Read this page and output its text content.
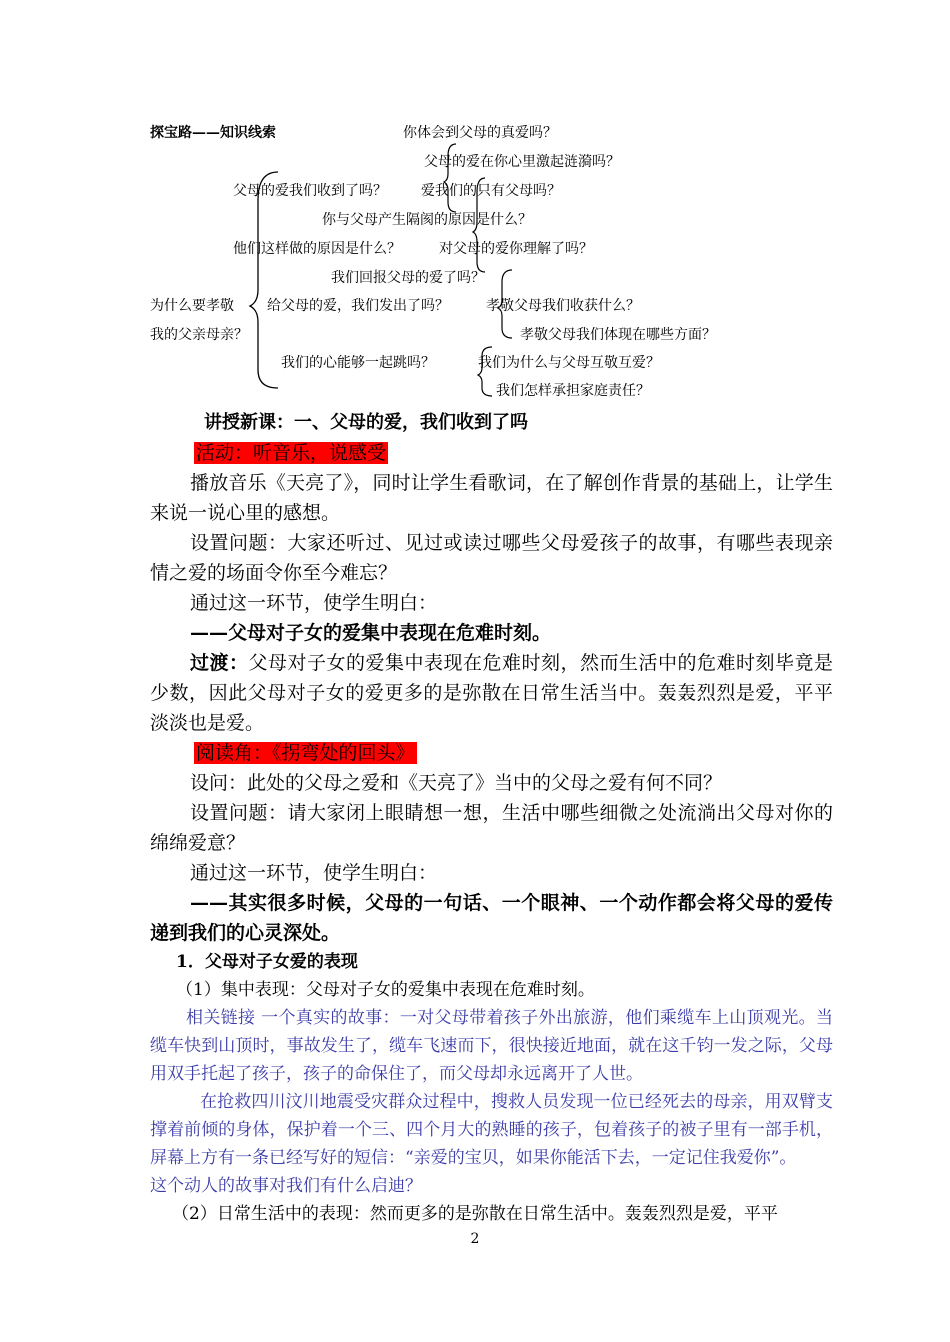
探宝路——知识线索	你体会到父母的真爱吗？
父母的爱在你心里激起涟漪吗？
父母的爱我们收到了吗？ 爱我们的只有父母吗？
你与父母产生隔阂的原因是什么？
他们这样做的原因是什么？	对父母的爱你理解了吗？
我们回报父母的爱了吗？
为什么要孝敬
我的父亲母亲？
给父母的爱，我们发出了吗？	孝敬父母我们收获什么？
孝敬父母我们体现在哪些方面？
我们的心能够一起跳吗？	我们为什么与父母互敬互爱？
我们怎样承担家庭责任？

讲授新课：一、父母的爱，我们收到了吗

活动：听音乐，说感受

播放音乐《天亮了》，同时让学生看歌词，在了解创作背景的基础上，让学生来说一说心里的感想。

设置问题：大家还听过、见过或读过哪些父母爱孩子的故事，有哪些表现亲情之爱的场面令你至今难忘？

通过这一环节，使学生明白：

——父母对子女的爱集中表现在危难时刻。

过渡：父母对子女的爱集中表现在危难时刻，然而生活中的危难时刻毕竟是少数，因此父母对子女的爱更多的是弥散在日常生活当中。轰轰烈烈是爱，平平淡淡也是爱。

阅读角：《拐弯处的回头》

设问：此处的父母之爱和《天亮了》当中的父母之爱有何不同？

设置问题：请大家闭上眼睛想一想，生活中哪些细微之处流淌出父母对你的绵绵爱意？

通过这一环节，使学生明白：

——其实很多时候，父母的一句话、一个眼神、一个动作都会将父母的爱传递到我们的心灵深处。

1．父母对子女爱的表现

（1）集中表现：父母对子女的爱集中表现在危难时刻。

相关链接 一个真实的故事：一对父母带着孩子外出旅游，他们乘缆车上山顶观光。当缆车快到山顶时，事故发生了，缆车飞速而下，很快接近地面，就在这千钧一发之际，父母用双手托起了孩子，孩子的命保住了，而父母却永远离开了人世。

在抢救四川汶川地震受灾群众过程中，搜救人员发现一位已经死去的母亲，用双臂支撑着前倾的身体，保护着一个三、四个月大的熟睡的孩子，包着孩子的被子里有一部手机，屏幕上方有一条已经写好的短信：“亲爱的宝贝，如果你能活下去，一定记住我爱你”。

这个动人的故事对我们有什么启迪？

（2）日常生活中的表现：然而更多的是弥散在日常生活中。轰轰烈烈是爱，平平

2
